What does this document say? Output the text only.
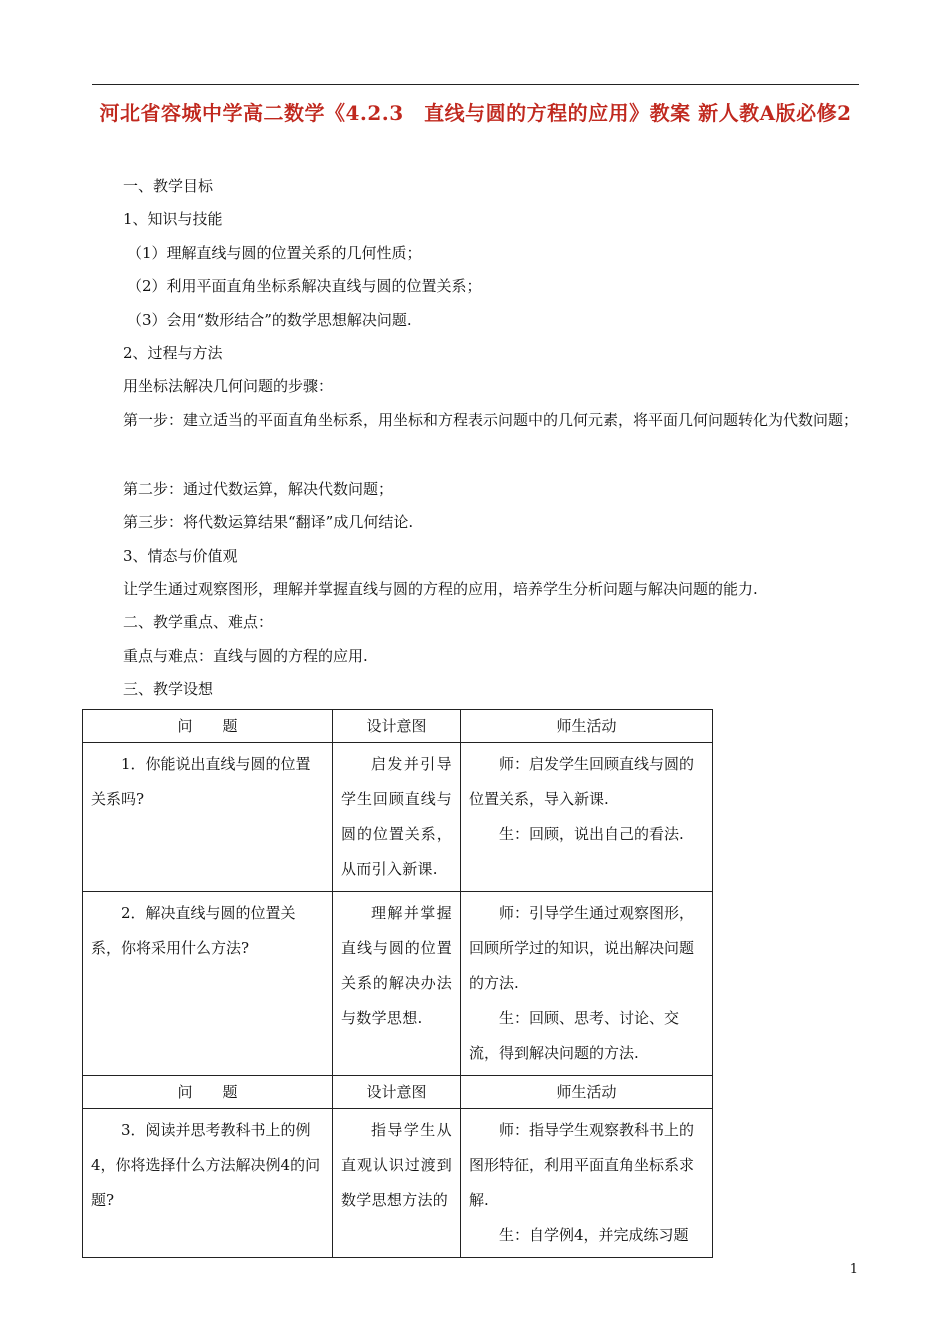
河北省容城中学高二数学《4.2.3　直线与圆的方程的应用》教案 新人教A版必修2
一、教学目标
1、知识与技能
（1）理解直线与圆的位置关系的几何性质；
（2）利用平面直角坐标系解决直线与圆的位置关系；
（3）会用“数形结合”的数学思想解决问题.
2、过程与方法
用坐标法解决几何问题的步骤：
第一步：建立适当的平面直角坐标系，用坐标和方程表示问题中的几何元素，将平面几何问题转化为代数问题；
第二步：通过代数运算，解决代数问题；
第三步：将代数运算结果“翻译”成几何结论.
3、情态与价值观
让学生通过观察图形，理解并掌握直线与圆的方程的应用，培养学生分析问题与解决问题的能力.
二、教学重点、难点：
重点与难点：直线与圆的方程的应用.
三、教学设想
问　　题	设计意图	师生活动
1．你能说出直线与圆的位置关系吗?	启发并引导学生回顾直线与圆的位置关系，从而引入新课.	师：启发学生回顾直线与圆的位置关系，导入新课.
生：回顾，说出自己的看法.

2．解决直线与圆的位置关系，你将采用什么方法?	理解并掌握直线与圆的位置关系的解决办法与数学思想.	师：引导学生通过观察图形，回顾所学过的知识，说出解决问题的方法.
生：回顾、思考、讨论、交流，得到解决问题的方法.

问　　题	设计意图	师生活动
3．阅读并思考教科书上的例4，你将选择什么方法解决例4的问题?	指导学生从直观认识过渡到数学思想方法的	师：指导学生观察教科书上的图形特征，利用平面直角坐标系求解.
生：自学例4，并完成练习题
1
